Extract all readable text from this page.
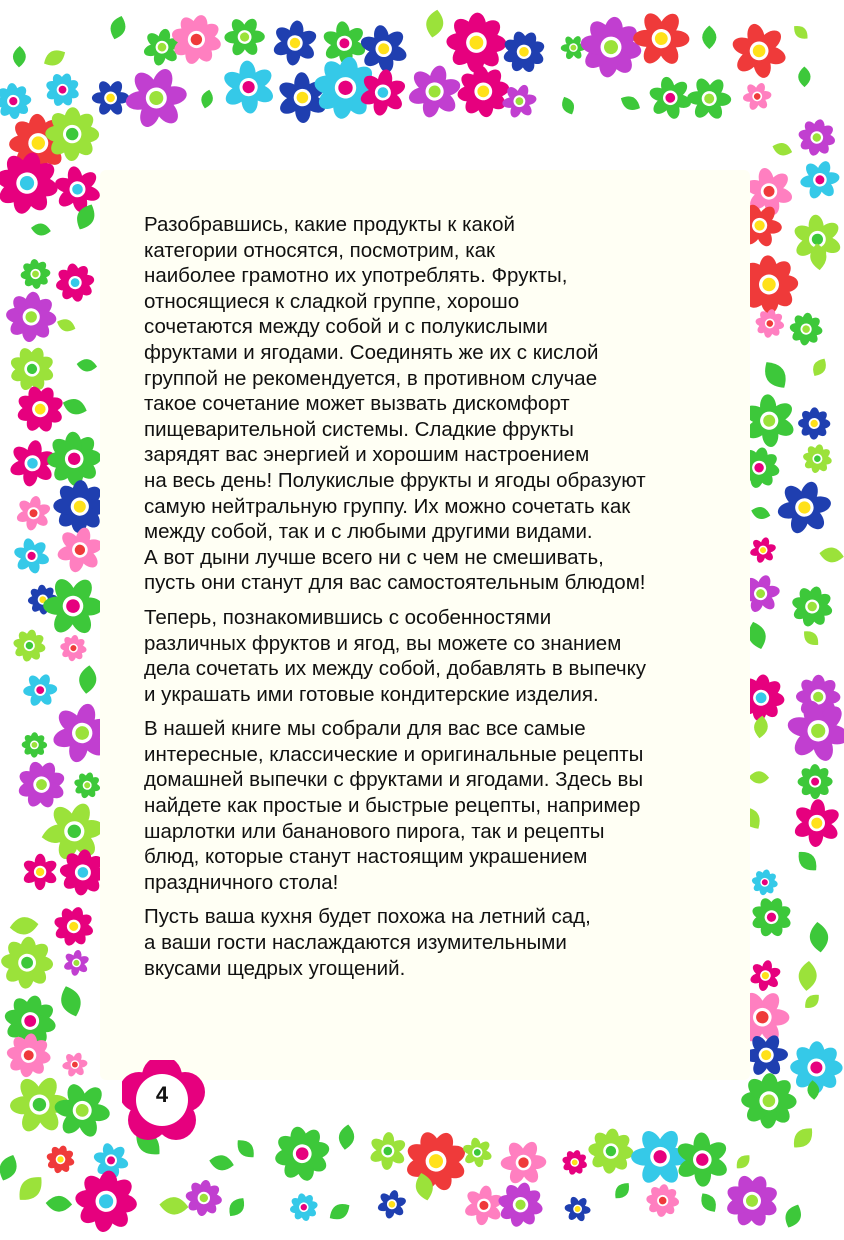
Разобравшись, какие продукты к какой
категории относятся, посмотрим, как
наиболее грамотно их употреблять. Фрукты,
относящиеся к сладкой группе, хорошо
сочетаются между собой и с полукислыми
фруктами и ягодами. Соединять же их с кислой
группой не рекомендуется, в противном случае
такое сочетание может вызвать дискомфорт
пищеварительной системы. Сладкие фрукты
зарядят вас энергией и хорошим настроением
на весь день! Полукислые фрукты и ягоды образуют
самую нейтральную группу. Их можно сочетать как
между собой, так и с любыми другими видами.
А вот дыни лучше всего ни с чем не смешивать,
пусть они станут для вас самостоятельным блюдом!

Теперь, познакомившись с особенностями
различных фруктов и ягод, вы можете со знанием
дела сочетать их между собой, добавлять в выпечку
и украшать ими готовые кондитерские изделия.

В нашей книге мы собрали для вас все самые
интересные, классические и оригинальные рецепты
домашней выпечки с фруктами и ягодами. Здесь вы
найдете как простые и быстрые рецепты, например
шарлотки или бананового пирога, так и рецепты
блюд, которые станут настоящим украшением
праздничного стола!

Пусть ваша кухня будет похожа на летний сад,
а ваши гости наслаждаются изумительными
вкусами щедрых угощений.

4
